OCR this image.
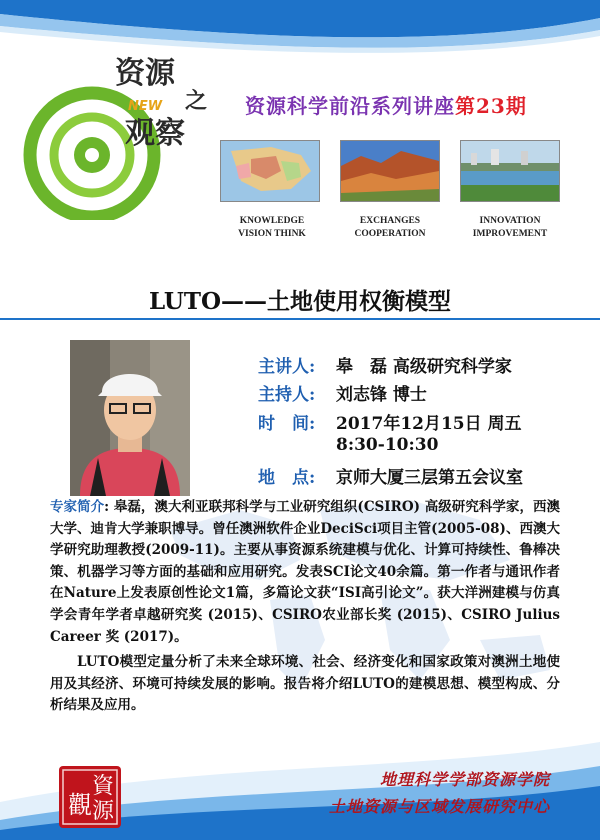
资源
NEW 之
观察
资源科学前沿系列讲座第23期
KNOWLEDGE
VISION THINK
EXCHANGES
COOPERATION
INNOVATION
IMPROVEMENT
LUTO——土地使用权衡模型
主讲人: 皋　磊 高级研究科学家
主持人: 刘志锋 博士
时　间: 2017年12月15日 周五
8:30-10:30
地　点: 京师大厦三层第五会议室

专家简介: 皋磊，澳大利亚联邦科学与工业研究组织(CSIRO) 高级研究科学家，西澳大学、迪肯大学兼职博导。曾任澳洲软件企业DeciSci项目主管(2005-08)、西澳大学研究助理教授(2009-11)。主要从事资源系统建模与优化、计算可持续性、鲁棒决策、机器学习等方面的基础和应用研究。发表SCI论文40余篇。第一作者与通讯作者在Nature上发表原创性论文1篇，多篇论文获“ISI高引论文”。获大洋洲建模与仿真学会青年学者卓越研究奖 (2015)、CSIRO农业部长奖 (2015)、CSIRO Julius Career 奖 (2017)。

LUTO模型定量分析了未来全球环境、社会、经济变化和国家政策对澳洲土地使用及其经济、环境可持续发展的影响。报告将介绍LUTO的建模思想、模型构成、分析结果及应用。

觀
資
源
地理科学学部资源学院
土地资源与区域发展研究中心
